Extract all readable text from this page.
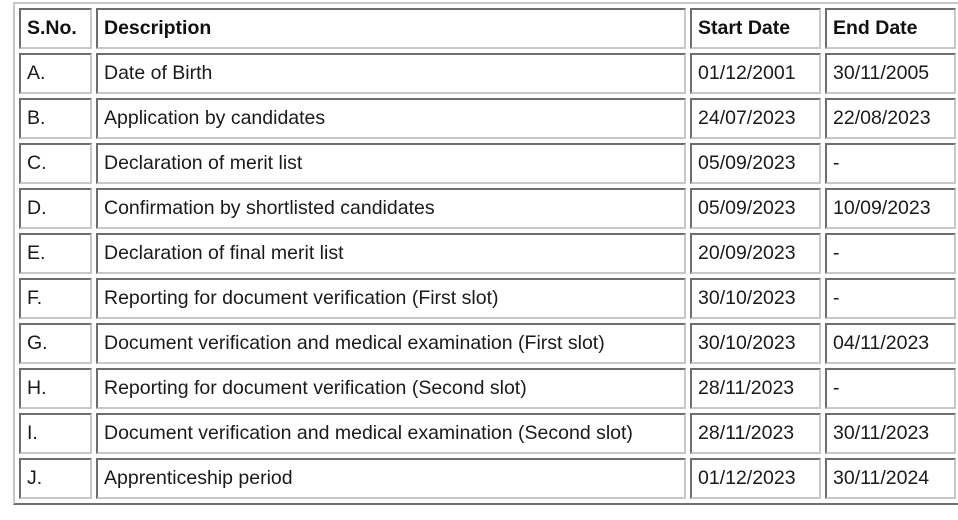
S.No.	Description	Start Date	End Date
A.	Date of Birth	01/12/2001	30/11/2005
B.	Application by candidates	24/07/2023	22/08/2023
C.	Declaration of merit list	05/09/2023	-
D.	Confirmation by shortlisted candidates	05/09/2023	10/09/2023
E.	Declaration of final merit list	20/09/2023	-
F.	Reporting for document verification (First slot)	30/10/2023	-
G.	Document verification and medical examination (First slot)	30/10/2023	04/11/2023
H.	Reporting for document verification (Second slot)	28/11/2023	-
I.	Document verification and medical examination (Second slot)	28/11/2023	30/11/2023
J.	Apprenticeship period	01/12/2023	30/11/2024
